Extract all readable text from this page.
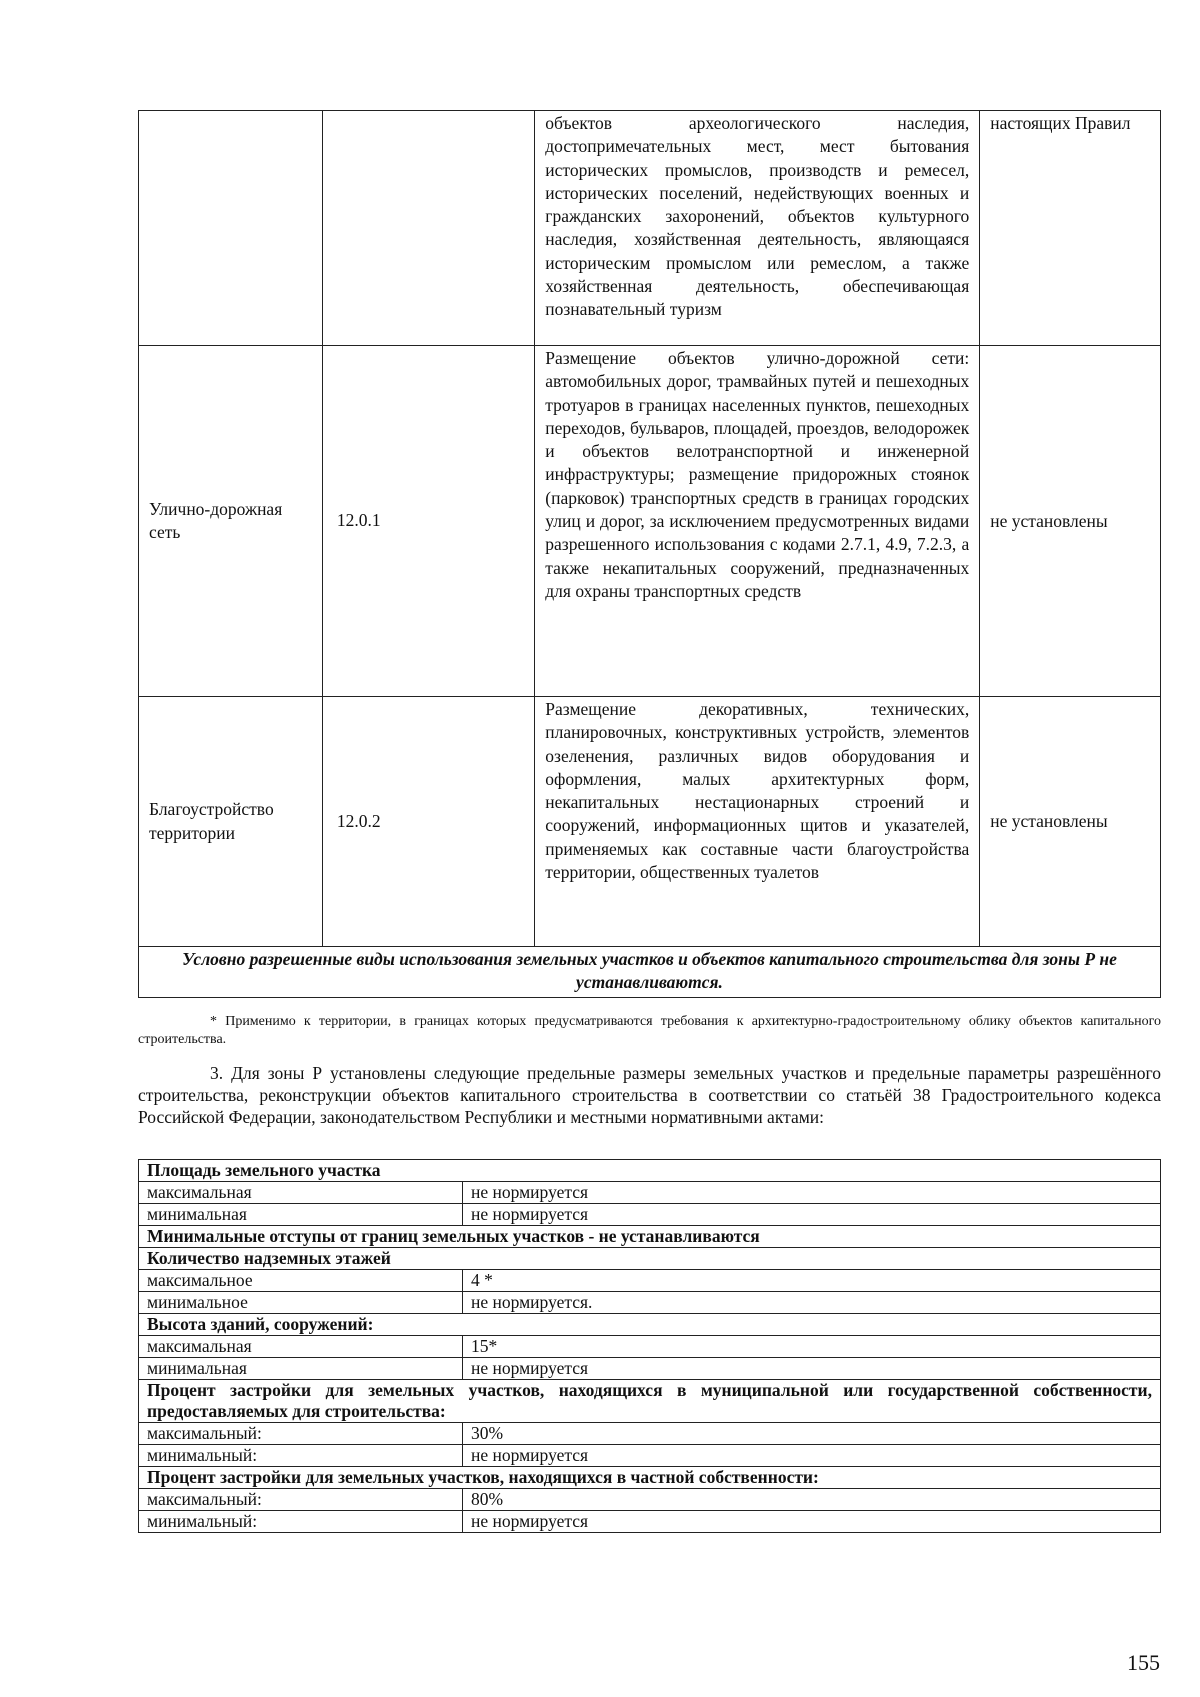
		объектов археологического наследия, достопримечательных мест, мест бытования исторических промыслов, производств и ремесел, исторических поселений, недействующих военных и гражданских захоронений, объектов культурного наследия, хозяйственная деятельность, являющаяся историческим промыслом или ремеслом, а также хозяйственная деятельность, обеспечивающая познавательный туризм	настоящих Правил

Улично-дорожная сеть	12.0.1	Размещение объектов улично-дорожной сети: автомобильных дорог, трамвайных путей и пешеходных тротуаров в границах населенных пунктов, пешеходных переходов, бульваров, площадей, проездов, велодорожек и объектов велотранспортной и инженерной инфраструктуры; размещение придорожных стоянок (парковок) транспортных средств в границах городских улиц и дорог, за исключением предусмотренных видами разрешенного использования с кодами 2.7.1, 4.9, 7.2.3, а также некапитальных сооружений, предназначенных для охраны транспортных средств	не установлены

Благоустройство территории	12.0.2	Размещение декоративных, технических, планировочных, конструктивных устройств, элементов озеленения, различных видов оборудования и оформления, малых архитектурных форм, некапитальных нестационарных строений и сооружений, информационных щитов и указателей, применяемых как составные части благоустройства территории, общественных туалетов	не установлены

Условно разрешенные виды использования земельных участков и объектов капитального строительства для зоны Р не устанавливаются.			

* Применимо к территории, в границах которых предусматриваются требования к архитектурно-градостроительному облику объектов капитального строительства.

3. Для зоны Р установлены следующие предельные размеры земельных участков и предельные параметры разрешённого строительства, реконструкции объектов капитального строительства в соответствии со статьёй 38 Градостроительного кодекса Российской Федерации, законодательством Республики и местными нормативными актами:

Площадь земельного участка	
максимальная	не нормируется
минимальная	не нормируется
Минимальные отступы от границ земельных участков - не устанавливаются	
Количество надземных этажей	
максимальное	4 *
минимальное	не нормируется.
Высота зданий, сооружений:	
максимальная	15*
минимальная	не нормируется
Процент застройки для земельных участков, находящихся в муниципальной или государственной собственности, предоставляемых для строительства:	
максимальный:	30%
минимальный:	не нормируется
Процент застройки для земельных участков, находящихся в частной собственности:	
максимальный:	80%
минимальный:	не нормируется
155
